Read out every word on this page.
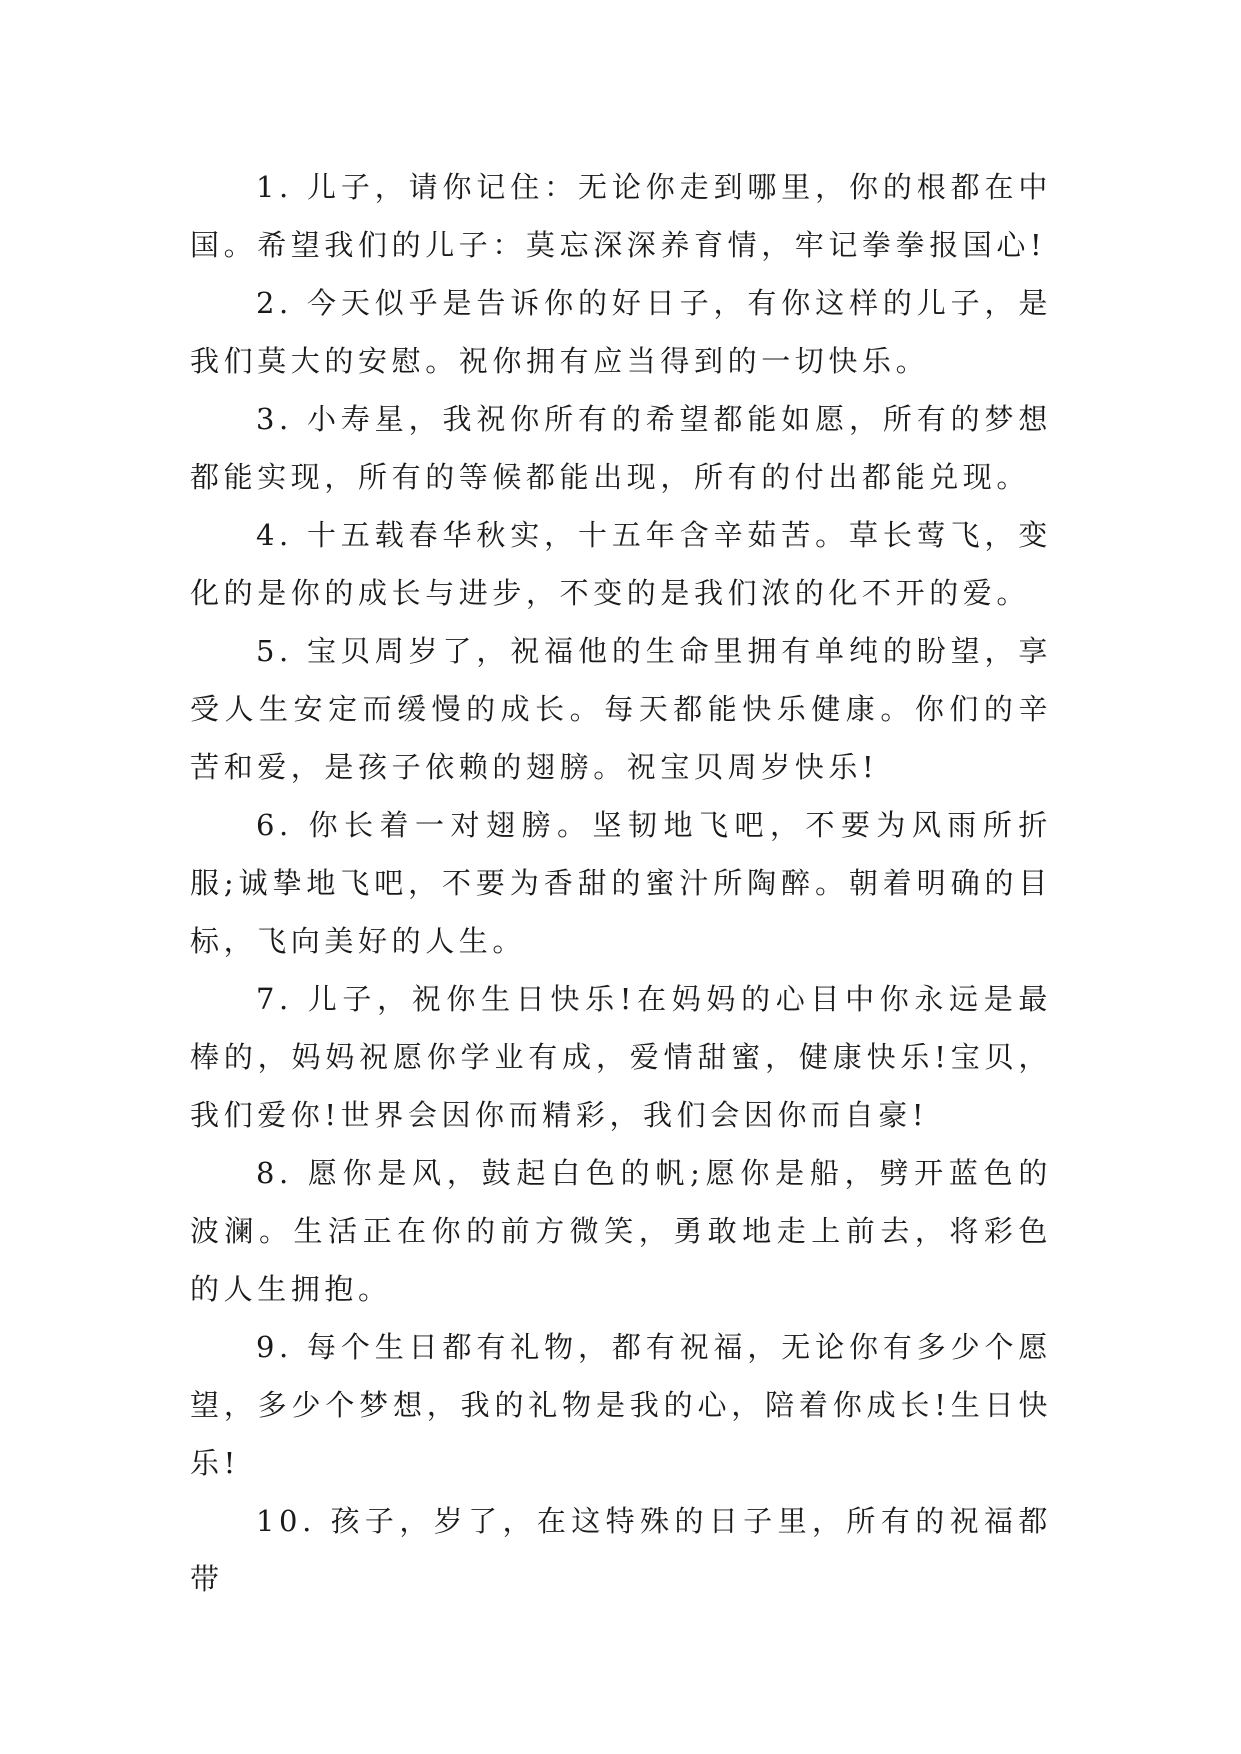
1. 儿子，请你记住：无论你走到哪里，你的根都在中国。希望我们的儿子：莫忘深深养育情，牢记拳拳报国心!

2. 今天似乎是告诉你的好日子，有你这样的儿子，是我们莫大的安慰。祝你拥有应当得到的一切快乐。

3. 小寿星，我祝你所有的希望都能如愿，所有的梦想都能实现，所有的等候都能出现，所有的付出都能兑现。

4. 十五载春华秋实，十五年含辛茹苦。草长莺飞，变化的是你的成长与进步，不变的是我们浓的化不开的爱。

5. 宝贝周岁了，祝福他的生命里拥有单纯的盼望，享受人生安定而缓慢的成长。每天都能快乐健康。你们的辛苦和爱，是孩子依赖的翅膀。祝宝贝周岁快乐!

6. 你长着一对翅膀。坚韧地飞吧，不要为风雨所折服;诚挚地飞吧，不要为香甜的蜜汁所陶醉。朝着明确的目标，飞向美好的人生。

7. 儿子，祝你生日快乐!在妈妈的心目中你永远是最棒的，妈妈祝愿你学业有成，爱情甜蜜，健康快乐!宝贝，我们爱你!世界会因你而精彩，我们会因你而自豪!

8. 愿你是风，鼓起白色的帆;愿你是船，劈开蓝色的波澜。生活正在你的前方微笑，勇敢地走上前去，将彩色的人生拥抱。

9. 每个生日都有礼物，都有祝福，无论你有多少个愿望，多少个梦想，我的礼物是我的心，陪着你成长!生日快乐!

10. 孩子，岁了，在这特殊的日子里，所有的祝福都带
